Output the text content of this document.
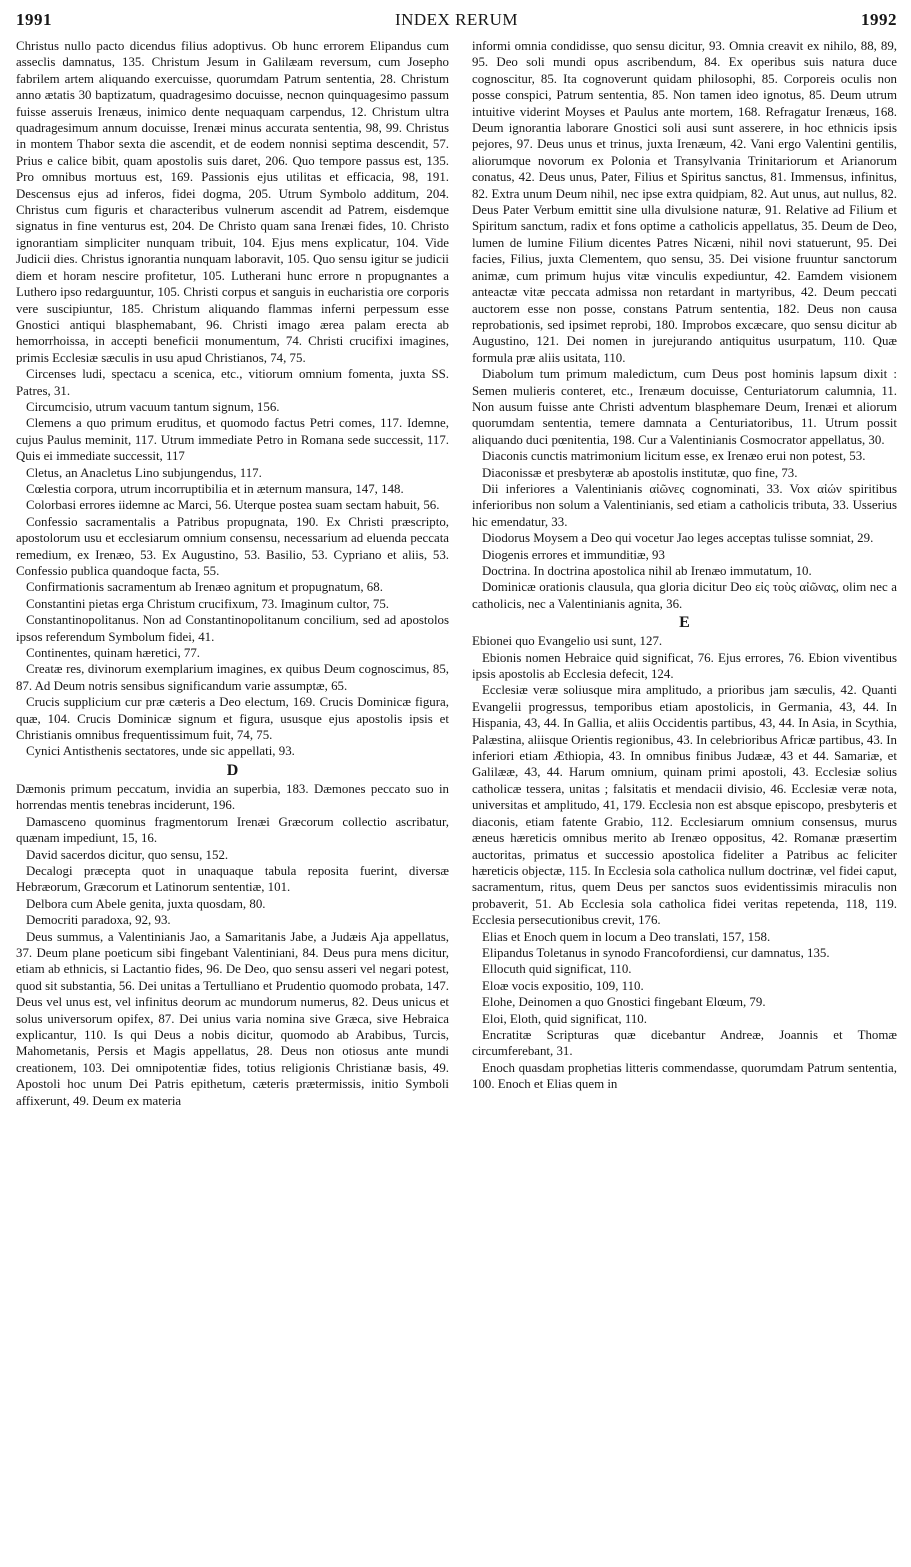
1991	INDEX RERUM	1992

Christus nullo pacto dicendus filius adoptivus. Ob hunc errorem Elipandus cum asseclis damnatus, 135. Christum Jesum in Galilæam reversum, cum Josepho fabrilem artem aliquando exercuisse, quorumdam Patrum sententia, 28. Christum anno ætatis 30 baptizatum, quadragesimo docuisse, necnon quinquagesimo passum fuisse asseruis Irenæus, inimico dente nequaquam carpendus, 12. Christum ultra quadragesimum annum docuisse, Irenæi minus accurata sententia, 98, 99. Christus in montem Thabor sexta die ascendit, et de eodem nonnisi septima descendit, 57. Prius e calice bibit, quam apostolis suis daret, 206. Quo tempore passus est, 135. Pro omnibus mortuus est, 169. Passionis ejus utilitas et efficacia, 98, 191. Descensus ejus ad inferos, fidei dogma, 205. Utrum Symbolo additum, 204. Christus cum figuris et characteribus vulnerum ascendit ad Patrem, eisdemque signatus in fine venturus est, 204. De Christo quam sana Irenæi fides, 10. Christo ignorantiam simpliciter nunquam tribuit, 104. Ejus mens explicatur, 104. Vide Judicii dies. Christus ignorantia nunquam laboravit, 105. Quo sensu igitur se judicii diem et horam nescire profitetur, 105. Lutherani hunc errore n propugnantes a Luthero ipso redarguuntur, 105. Christi corpus et sanguis in eucharistia ore corporis vere suscipiuntur, 185. Christum aliquando flammas inferni perpessum esse Gnostici antiqui blasphemabant, 96. Christi imago ærea palam erecta ab hemorrhoissa, in accepti beneficii monumentum, 74. Christi crucifixi imagines, primis Ecclesiæ sæculis in usu apud Christianos, 74, 75.

Circenses ludi, spectacu a scenica, etc., vitiorum omnium fomenta, juxta SS. Patres, 31.

Circumcisio, utrum vacuum tantum signum, 156.

Clemens a quo primum eruditus, et quomodo factus Petri comes, 117. Idemne, cujus Paulus meminit, 117. Utrum immediate Petro in Romana sede successit, 117. Quis ei immediate successit, 117

Cletus, an Anacletus Lino subjungendus, 117.

Cœlestia corpora, utrum incorruptibilia et in æternum mansura, 147, 148.

Colorbasi errores iidemne ac Marci, 56. Uterque postea suam sectam habuit, 56.

Confessio sacramentalis a Patribus propugnata, 190. Ex Christi præscripto, apostolorum usu et ecclesiarum omnium consensu, necessarium ad eluenda peccata remedium, ex Irenæo, 53. Ex Augustino, 53. Basilio, 53. Cypriano et aliis, 53. Confessio publica quandoque facta, 55.

Confirmationis sacramentum ab Irenæo agnitum et propugnatum, 68.

Constantini pietas erga Christum crucifixum, 73. Imaginum cultor, 75.

Constantinopolitanus. Non ad Constantinopolitanum concilium, sed ad apostolos ipsos referendum Symbolum fidei, 41.

Continentes, quinam hæretici, 77.

Creatæ res, divinorum exemplarium imagines, ex quibus Deum cognoscimus, 85, 87. Ad Deum notris sensibus significandum varie assumptæ, 65.

Crucis supplicium cur præ cæteris a Deo electum, 169. Crucis Dominicæ figura, quæ, 104. Crucis Dominicæ signum et figura, ususque ejus apostolis ipsis et Christianis omnibus frequentissimum fuit, 74, 75.

Cynici Antisthenis sectatores, unde sic appellati, 93.

D

Dæmonis primum peccatum, invidia an superbia, 183. Dæmones peccato suo in horrendas mentis tenebras inciderunt, 196.

Damasceno quominus fragmentorum Irenæi Græcorum collectio ascribatur, quænam impediunt, 15, 16.

David sacerdos dicitur, quo sensu, 152.

Decalogi præcepta quot in unaquaque tabula reposita fuerint, diversæ Hebræorum, Græcorum et Latinorum sententiæ, 101.

Delbora cum Abele genita, juxta quosdam, 80.

Democriti paradoxa, 92, 93.

Deus summus, a Valentinianis Jao, a Samaritanis Jabe, a Judæis Aja appellatus, 37. Deum plane poeticum sibi fingebant Valentiniani, 84. Deus pura mens dicitur, etiam ab ethnicis, si Lactantio fides, 96. De Deo, quo sensu asseri vel negari potest, quod sit substantia, 56. Dei unitas a Tertulliano et Prudentio quomodo probata, 147. Deus vel unus est, vel infinitus deorum ac mundorum numerus, 82. Deus unicus et solus universorum opifex, 87. Dei unius varia nomina sive Græca, sive Hebraica explicantur, 110. Is qui Deus a nobis dicitur, quomodo ab Arabibus, Turcis, Mahometanis, Persis et Magis appellatus, 28. Deus non otiosus ante mundi creationem, 103. Dei omnipotentiæ fides, totius religionis Christianæ basis, 49. Apostoli hoc unum Dei Patris epithetum, cæteris prætermissis, initio Symboli affixerunt, 49. Deum ex materia

informi omnia condidisse, quo sensu dicitur, 93. Omnia creavit ex nihilo, 88, 89, 95. Deo soli mundi opus ascribendum, 84. Ex operibus suis natura duce cognoscitur, 85. Ita cognoverunt quidam philosophi, 85. Corporeis oculis non posse conspici, Patrum sententia, 85. Non tamen ideo ignotus, 85. Deum utrum intuitive viderint Moyses et Paulus ante mortem, 168. Refragatur Irenæus, 168. Deum ignorantia laborare Gnostici soli ausi sunt asserere, in hoc ethnicis ipsis pejores, 97. Deus unus et trinus, juxta Irenæum, 42. Vani ergo Valentini gentilis, aliorumque novorum ex Polonia et Transylvania Trinitariorum et Arianorum conatus, 42. Deus unus, Pater, Filius et Spiritus sanctus, 81. Immensus, infinitus, 82. Extra unum Deum nihil, nec ipse extra quidpiam, 82. Aut unus, aut nullus, 82. Deus Pater Verbum emittit sine ulla divulsione naturæ, 91. Relative ad Filium et Spiritum sanctum, radix et fons optime a catholicis appellatus, 35. Deum de Deo, lumen de lumine Filium dicentes Patres Nicæni, nihil novi statuerunt, 95. Dei facies, Filius, juxta Clementem, quo sensu, 35. Dei visione fruuntur sanctorum animæ, cum primum hujus vitæ vinculis expediuntur, 42. Eamdem visionem anteactæ vitæ peccata admissa non retardant in martyribus, 42. Deum peccati auctorem esse non posse, constans Patrum sententia, 182. Deus non causa reprobationis, sed ipsimet reprobi, 180. Improbos excæcare, quo sensu dicitur ab Augustino, 121. Dei nomen in jurejurando antiquitus usurpatum, 110. Quæ formula præ aliis usitata, 110.

Diabolum tum primum maledictum, cum Deus post hominis lapsum dixit : Semen mulieris conteret, etc., Irenæum docuisse, Centuriatorum calumnia, 11. Non ausum fuisse ante Christi adventum blasphemare Deum, Irenæi et aliorum quorumdam sententia, temere damnata a Centuriatoribus, 11. Utrum possit aliquando duci pœnitentia, 198. Cur a Valentinianis Cosmocrator appellatus, 30.

Diaconis cunctis matrimonium licitum esse, ex Irenæo erui non potest, 53.

Diaconissæ et presbyteræ ab apostolis institutæ, quo fine, 73.

Dii inferiores a Valentinianis αἰῶνες cognominati, 33. Vox αἰών spiritibus inferioribus non solum a Valentinianis, sed etiam a catholicis tributa, 33. Usserius hic emendatur, 33.

Diodorus Moysem a Deo qui vocetur Jao leges acceptas tulisse somniat, 29.

Diogenis errores et immunditiæ, 93

Doctrina. In doctrina apostolica nihil ab Irenæo immutatum, 10.

Dominicæ orationis clausula, qua gloria dicitur Deo εἰς τοὺς αἰῶνας, olim nec a catholicis, nec a Valentinianis agnita, 36.

E

Ebionei quo Evangelio usi sunt, 127.

Ebionis nomen Hebraice quid significat, 76. Ejus errores, 76. Ebion viventibus ipsis apostolis ab Ecclesia defecit, 124.

Ecclesiæ veræ soliusque mira amplitudo, a prioribus jam sæculis, 42. Quanti Evangelii progressus, temporibus etiam apostolicis, in Germania, 43, 44. In Hispania, 43, 44. In Gallia, et aliis Occidentis partibus, 43, 44. In Asia, in Scythia, Palæstina, aliisque Orientis regionibus, 43. In celebrioribus Africæ partibus, 43. In inferiori etiam Æthiopia, 43. In omnibus finibus Judææ, 43 et 44. Samariæ, et Galilææ, 43, 44. Harum omnium, quinam primi apostoli, 43. Ecclesiæ solius catholicæ tessera, unitas ; falsitatis et mendacii divisio, 46. Ecclesiæ veræ nota, universitas et amplitudo, 41, 179. Ecclesia non est absque episcopo, presbyteris et diaconis, etiam fatente Grabio, 112. Ecclesiarum omnium consensus, murus æneus hæreticis omnibus merito ab Irenæo oppositus, 42. Romanæ præsertim auctoritas, primatus et successio apostolica fideliter a Patribus ac feliciter hæreticis objectæ, 115. In Ecclesia sola catholica nullum doctrinæ, vel fidei caput, sacramentum, ritus, quem Deus per sanctos suos evidentissimis miraculis non probaverit, 51. Ab Ecclesia sola catholica fidei veritas repetenda, 118, 119. Ecclesia persecutionibus crevit, 176.

Elias et Enoch quem in locum a Deo translati, 157, 158.

Elipandus Toletanus in synodo Francofordiensi, cur damnatus, 135.

Ellocuth quid significat, 110.

Eloæ vocis expositio, 109, 110.

Elohe, Deinomen a quo Gnostici fingebant Elœum, 79.

Eloi, Eloth, quid significat, 110.

Encratitæ Scripturas quæ dicebantur Andreæ, Joannis et Thomæ circumferebant, 31.

Enoch quasdam prophetias litteris commendasse, quorumdam Patrum sententia, 100. Enoch et Elias quem in
